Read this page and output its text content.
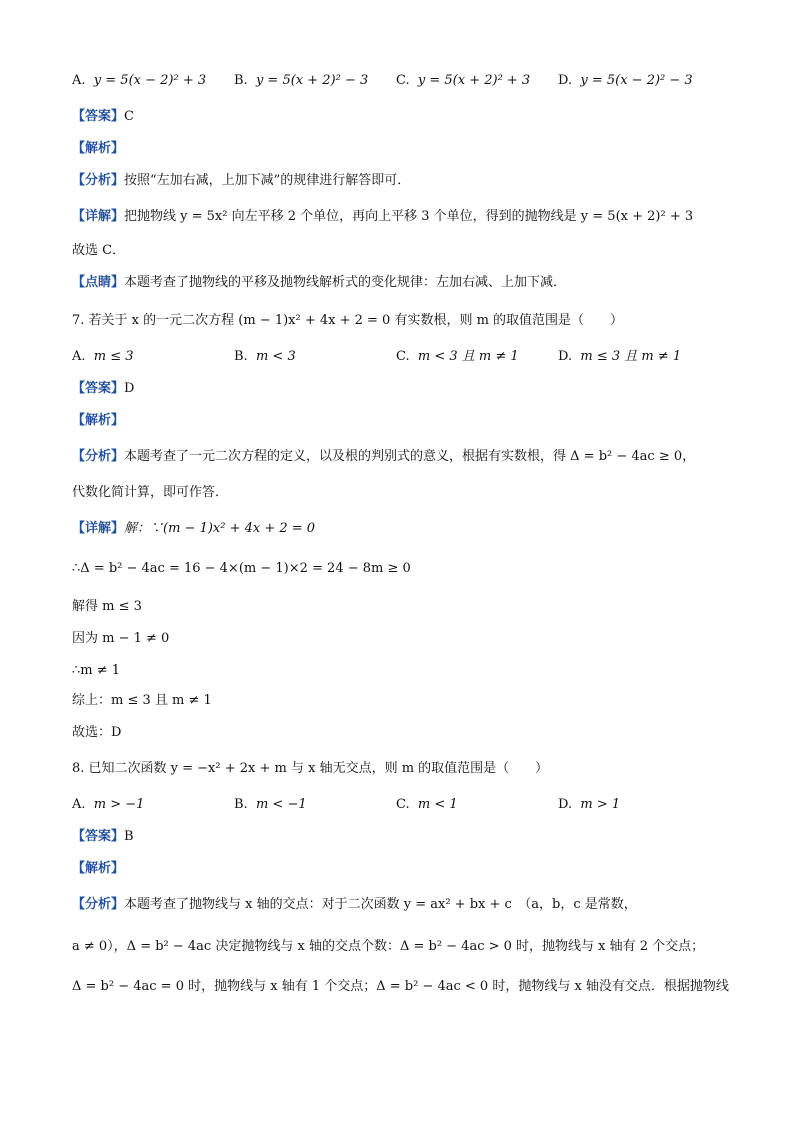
A. y = 5(x − 2)² + 3 B. y = 5(x + 2)² − 3 C. y = 5(x + 2)² + 3 D. y = 5(x − 2)² − 3
【答案】C
【解析】
【分析】按照“左加右减，上加下减”的规律进行解答即可．
【详解】把抛物线 y = 5x² 向左平移 2 个单位，再向上平移 3 个单位，得到的抛物线是 y = 5(x + 2)² + 3
故选 C．
【点睛】本题考查了抛物线的平移及抛物线解析式的变化规律：左加右减、上加下减．
7. 若关于 x 的一元二次方程 (m − 1)x² + 4x + 2 = 0 有实数根，则 m 的取值范围是（　　）
A. m ≤ 3	B. m < 3	C. m < 3 且 m ≠ 1	D. m ≤ 3 且 m ≠ 1
【答案】D
【解析】
【分析】本题考查了一元二次方程的定义，以及根的判别式的意义，根据有实数根，得 Δ = b² − 4ac ≥ 0，
代数化简计算，即可作答．
【详解】解：∵(m − 1)x² + 4x + 2 = 0
∴Δ = b² − 4ac = 16 − 4×(m − 1)×2 = 24 − 8m ≥ 0
解得 m ≤ 3
因为 m − 1 ≠ 0
∴m ≠ 1
综上：m ≤ 3 且 m ≠ 1
故选：D
8. 已知二次函数 y = −x² + 2x + m 与 x 轴无交点，则 m 的取值范围是（　　）
A. m > −1	B. m < −1	C. m < 1	D. m > 1
【答案】B
【解析】
【分析】本题考查了抛物线与 x 轴的交点：对于二次函数 y = ax² + bx + c　（a，b，c 是常数，
a ≠ 0），Δ = b² − 4ac 决定抛物线与 x 轴的交点个数：Δ = b² − 4ac > 0 时，抛物线与 x 轴有 2 个交点；
Δ = b² − 4ac = 0 时，抛物线与 x 轴有 1 个交点；Δ = b² − 4ac < 0 时，抛物线与 x 轴没有交点．根据抛物线
